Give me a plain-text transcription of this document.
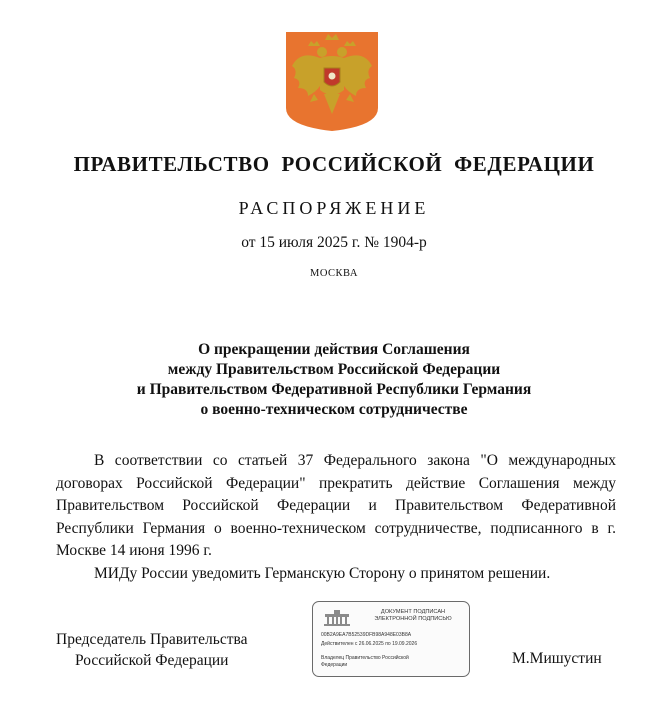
ПРАВИТЕЛЬСТВО РОССИЙСКОЙ ФЕДЕРАЦИИ
РАСПОРЯЖЕНИЕ
от 15 июля 2025 г. № 1904-р
МОСКВА
О прекращении действия Соглашения
между Правительством Российской Федерации
и Правительством Федеративной Республики Германия
о военно-техническом сотрудничестве
В соответствии со статьей 37 Федерального закона "О международных договорах Российской Федерации" прекратить действие Соглашения между Правительством Российской Федерации и Правительством Федеративной Республики Германия о военно-техническом сотрудничестве, подписанного в г. Москве 14 июня 1996 г.
МИДу России уведомить Германскую Сторону о принятом решении.
Председатель Правительства
Российской Федерации
ДОКУМЕНТ ПОДПИСАН
ЭЛЕКТРОННОЙ ПОДПИСЬЮ
00B2A9EA7B52539DFB98A948E03B8A
Действителен с 26.06.2025 по 19.09.2026
Владелец Правительство Российской
Федерации	М.Мишустин
